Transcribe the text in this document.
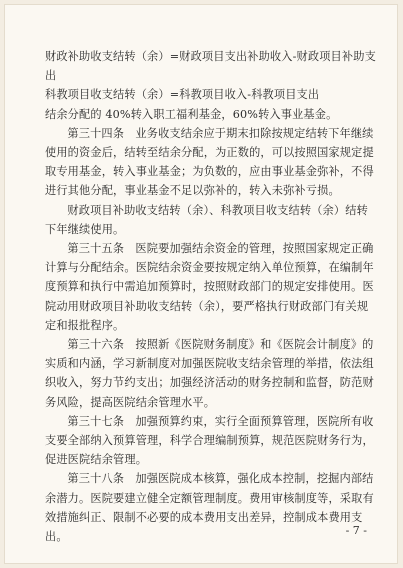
财政补助收支结转（余）=财政项目支出补助收入-财政项目补助支出

科教项目收支结转（余）=科教项目收入-科教项目支出

结余分配的 40%转入职工福利基金，60%转入事业基金。

第三十四条　业务收支结余应于期末扣除按规定结转下年继续使用的资金后，结转至结余分配，为正数的，可以按照国家规定提取专用基金，转入事业基金；为负数的，应由事业基金弥补，不得进行其他分配，事业基金不足以弥补的，转入未弥补亏损。

财政项目补助收支结转（余）、科教项目收支结转（余）结转下年继续使用。

第三十五条　医院要加强结余资金的管理，按照国家规定正确计算与分配结余。医院结余资金要按规定纳入单位预算，在编制年度预算和执行中需追加预算时，按照财政部门的规定安排使用。医院动用财政项目补助收支结转（余），要严格执行财政部门有关规定和报批程序。

第三十六条　按照新《医院财务制度》和《医院会计制度》的实质和内涵，学习新制度对加强医院收支结余管理的举措，依法组织收入，努力节约支出；加强经济活动的财务控制和监督，防范财务风险，提高医院结余管理水平。

第三十七条　加强预算约束，实行全面预算管理，医院所有收支要全部纳入预算管理，科学合理编制预算，规范医院财务行为，促进医院结余管理。

第三十八条　加强医院成本核算，强化成本控制，挖掘内部结余潜力。医院要建立健全定额管理制度。费用审核制度等，采取有效措施纠正、限制不必要的成本费用支出差异，控制成本费用支出。	- 7 -
